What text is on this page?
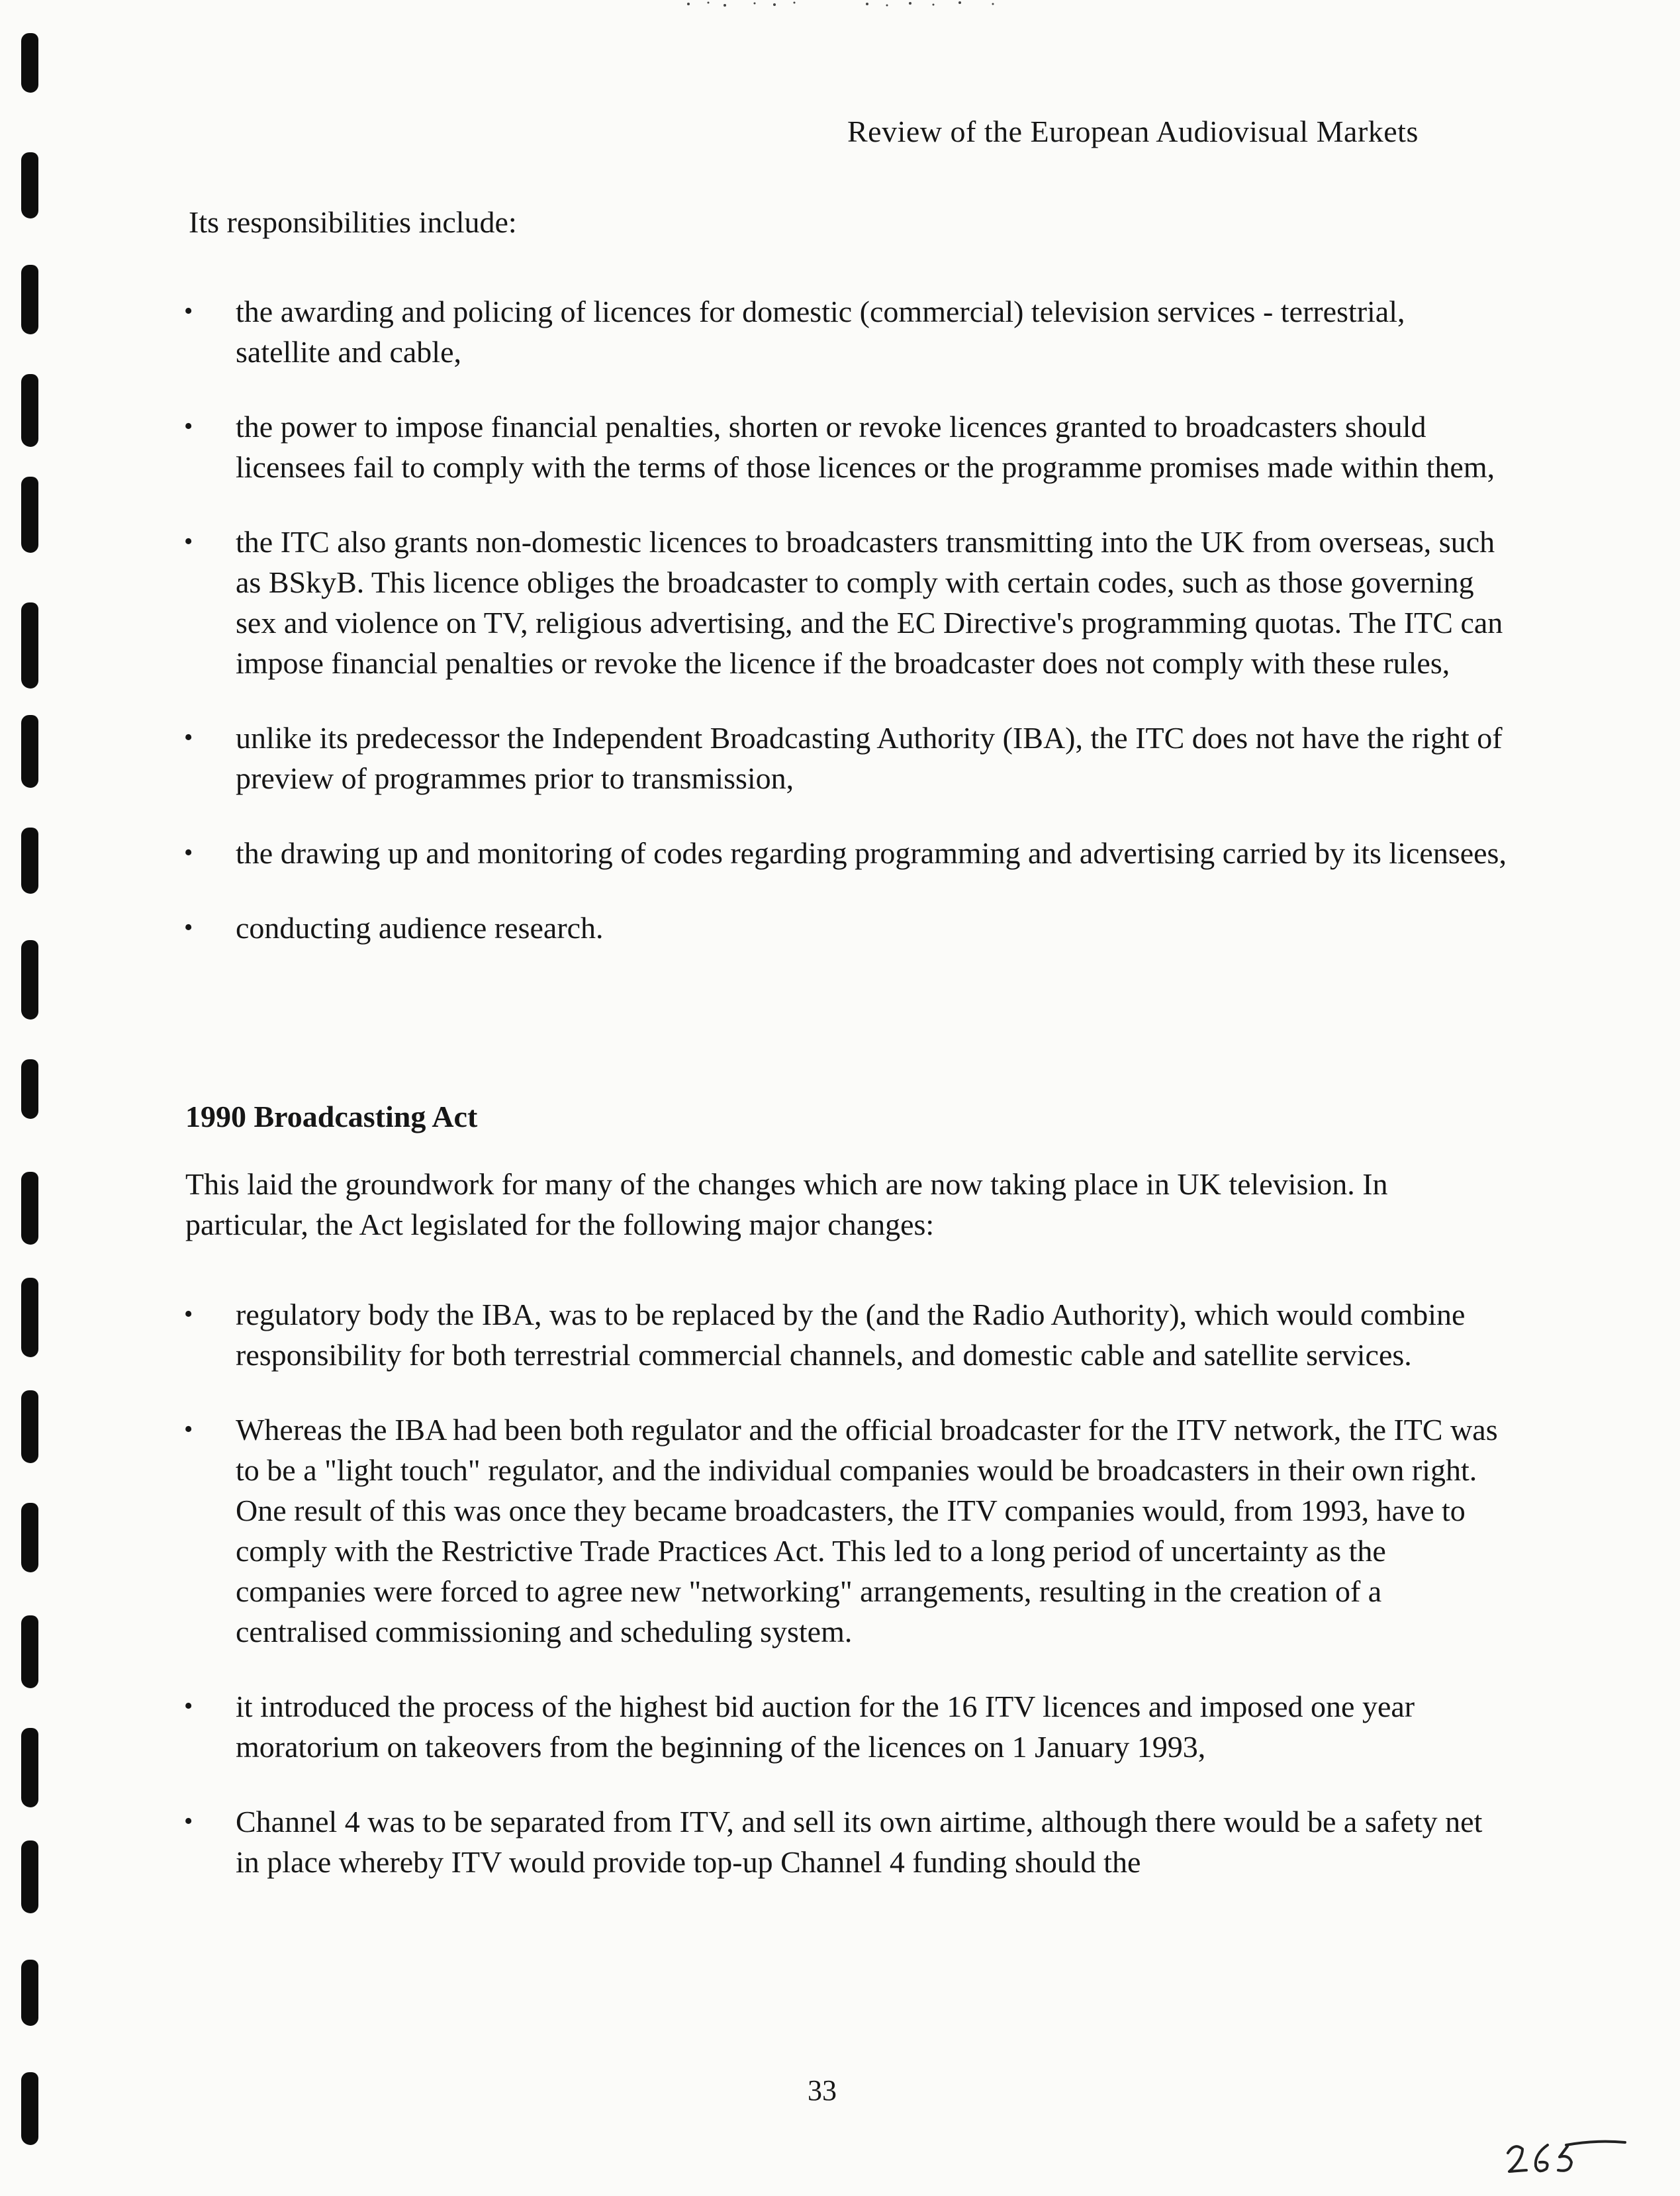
Review of the European Audiovisual Markets
Its responsibilities include:
• the awarding and policing of licences for domestic (commercial) television services - terrestrial, satellite and cable,
• the power to impose financial penalties, shorten or revoke licences granted to broadcasters should licensees fail to comply with the terms of those licences or the programme promises made within them,
• the ITC also grants non-domestic licences to broadcasters transmitting into the UK from overseas, such as BSkyB. This licence obliges the broadcaster to comply with certain codes, such as those governing sex and violence on TV, religious advertising, and the EC Directive's programming quotas. The ITC can impose financial penalties or revoke the licence if the broadcaster does not comply with these rules,
• unlike its predecessor the Independent Broadcasting Authority (IBA), the ITC does not have the right of preview of programmes prior to transmission,
• the drawing up and monitoring of codes regarding programming and advertising carried by its licensees,
• conducting audience research.
1990 Broadcasting Act
This laid the groundwork for many of the changes which are now taking place in UK television. In particular, the Act legislated for the following major changes:
• regulatory body the IBA, was to be replaced by the (and the Radio Authority), which would combine responsibility for both terrestrial commercial channels, and domestic cable and satellite services.
• Whereas the IBA had been both regulator and the official broadcaster for the ITV network, the ITC was to be a "light touch" regulator, and the individual companies would be broadcasters in their own right. One result of this was once they became broadcasters, the ITV companies would, from 1993, have to comply with the Restrictive Trade Practices Act. This led to a long period of uncertainty as the companies were forced to agree new "networking" arrangements, resulting in the creation of a centralised commissioning and scheduling system.
• it introduced the process of the highest bid auction for the 16 ITV licences and imposed one year moratorium on takeovers from the beginning of the licences on 1 January 1993,
• Channel 4 was to be separated from ITV, and sell its own airtime, although there would be a safety net in place whereby ITV would provide top-up Channel 4 funding should the
33
